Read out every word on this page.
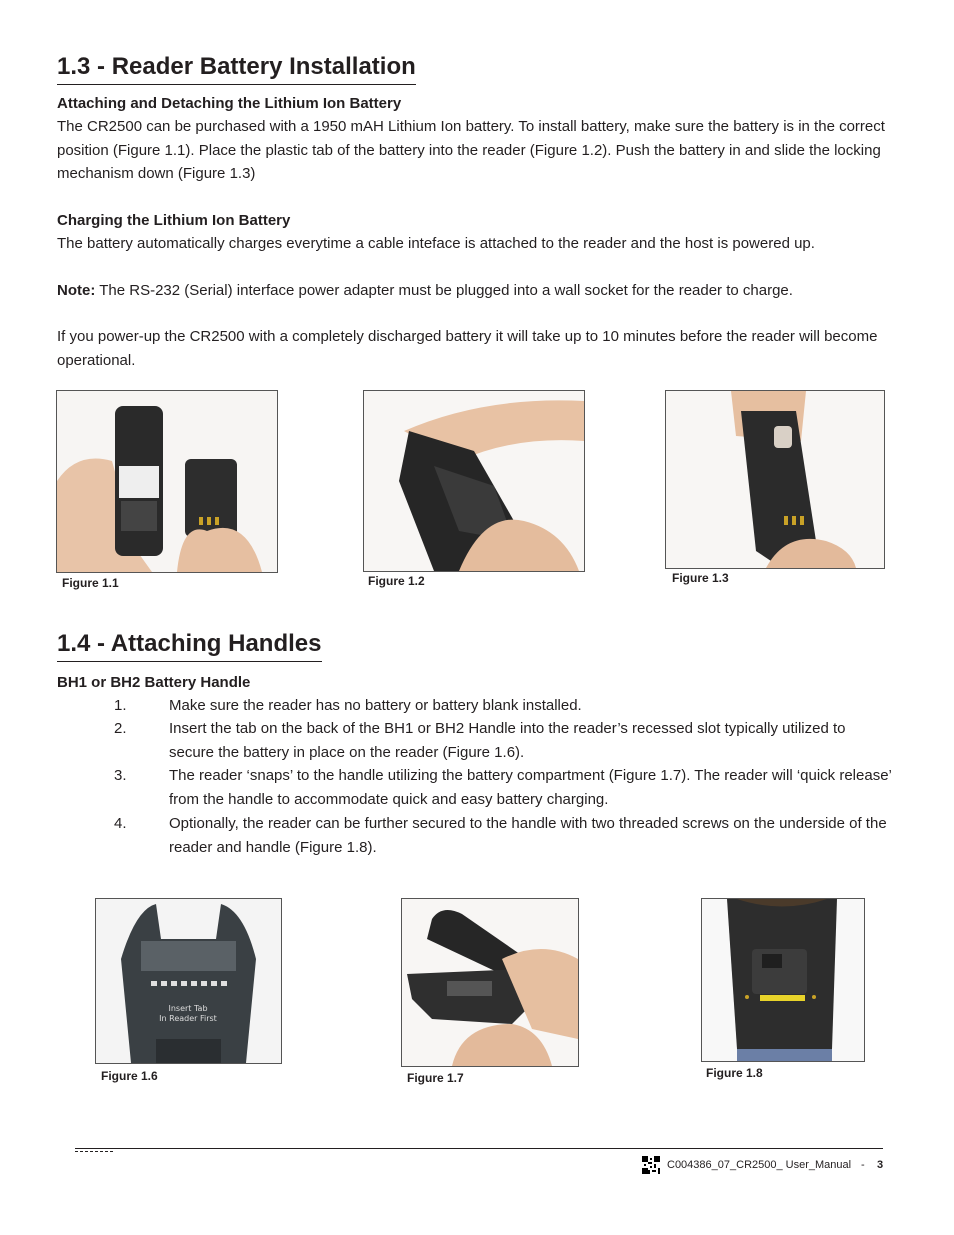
1.3 - Reader Battery Installation
Attaching and Detaching the Lithium Ion Battery
The CR2500 can be purchased with a 1950 mAH Lithium Ion battery. To install battery, make sure the battery is in the correct position (Figure 1.1). Place the plastic tab of the battery into the reader (Figure 1.2). Push the battery in and slide the locking mechanism down (Figure 1.3)
Charging the Lithium Ion Battery
The battery automatically charges everytime a cable inteface is attached to the reader and the host is powered up.
Note: The RS-232 (Serial) interface power adapter must be plugged into a wall socket for the reader to charge.
If you power-up the CR2500 with a completely discharged battery it will take up to 10 minutes before the reader will become operational.
Figure 1.1	Figure 1.2	Figure 1.3
1.4 - Attaching Handles
BH1 or BH2 Battery Handle
1.	Make sure the reader has no battery or battery blank installed.
2.	Insert the tab on the back of the BH1 or BH2 Handle into the reader’s recessed slot typically utilized to secure the battery in place on the reader (Figure 1.6).
3.	The reader ‘snaps’ to the handle utilizing the battery compartment (Figure 1.7). The reader will ‘quick release’ from the handle to accommodate quick and easy battery charging.
4.	Optionally, the reader can be further secured to the handle with two threaded screws on the underside of the reader and handle (Figure 1.8).
Insert Tab
In Reader First
Figure 1.6	Figure 1.7	Figure 1.8
C004386_07_CR2500_ User_Manual - 3
